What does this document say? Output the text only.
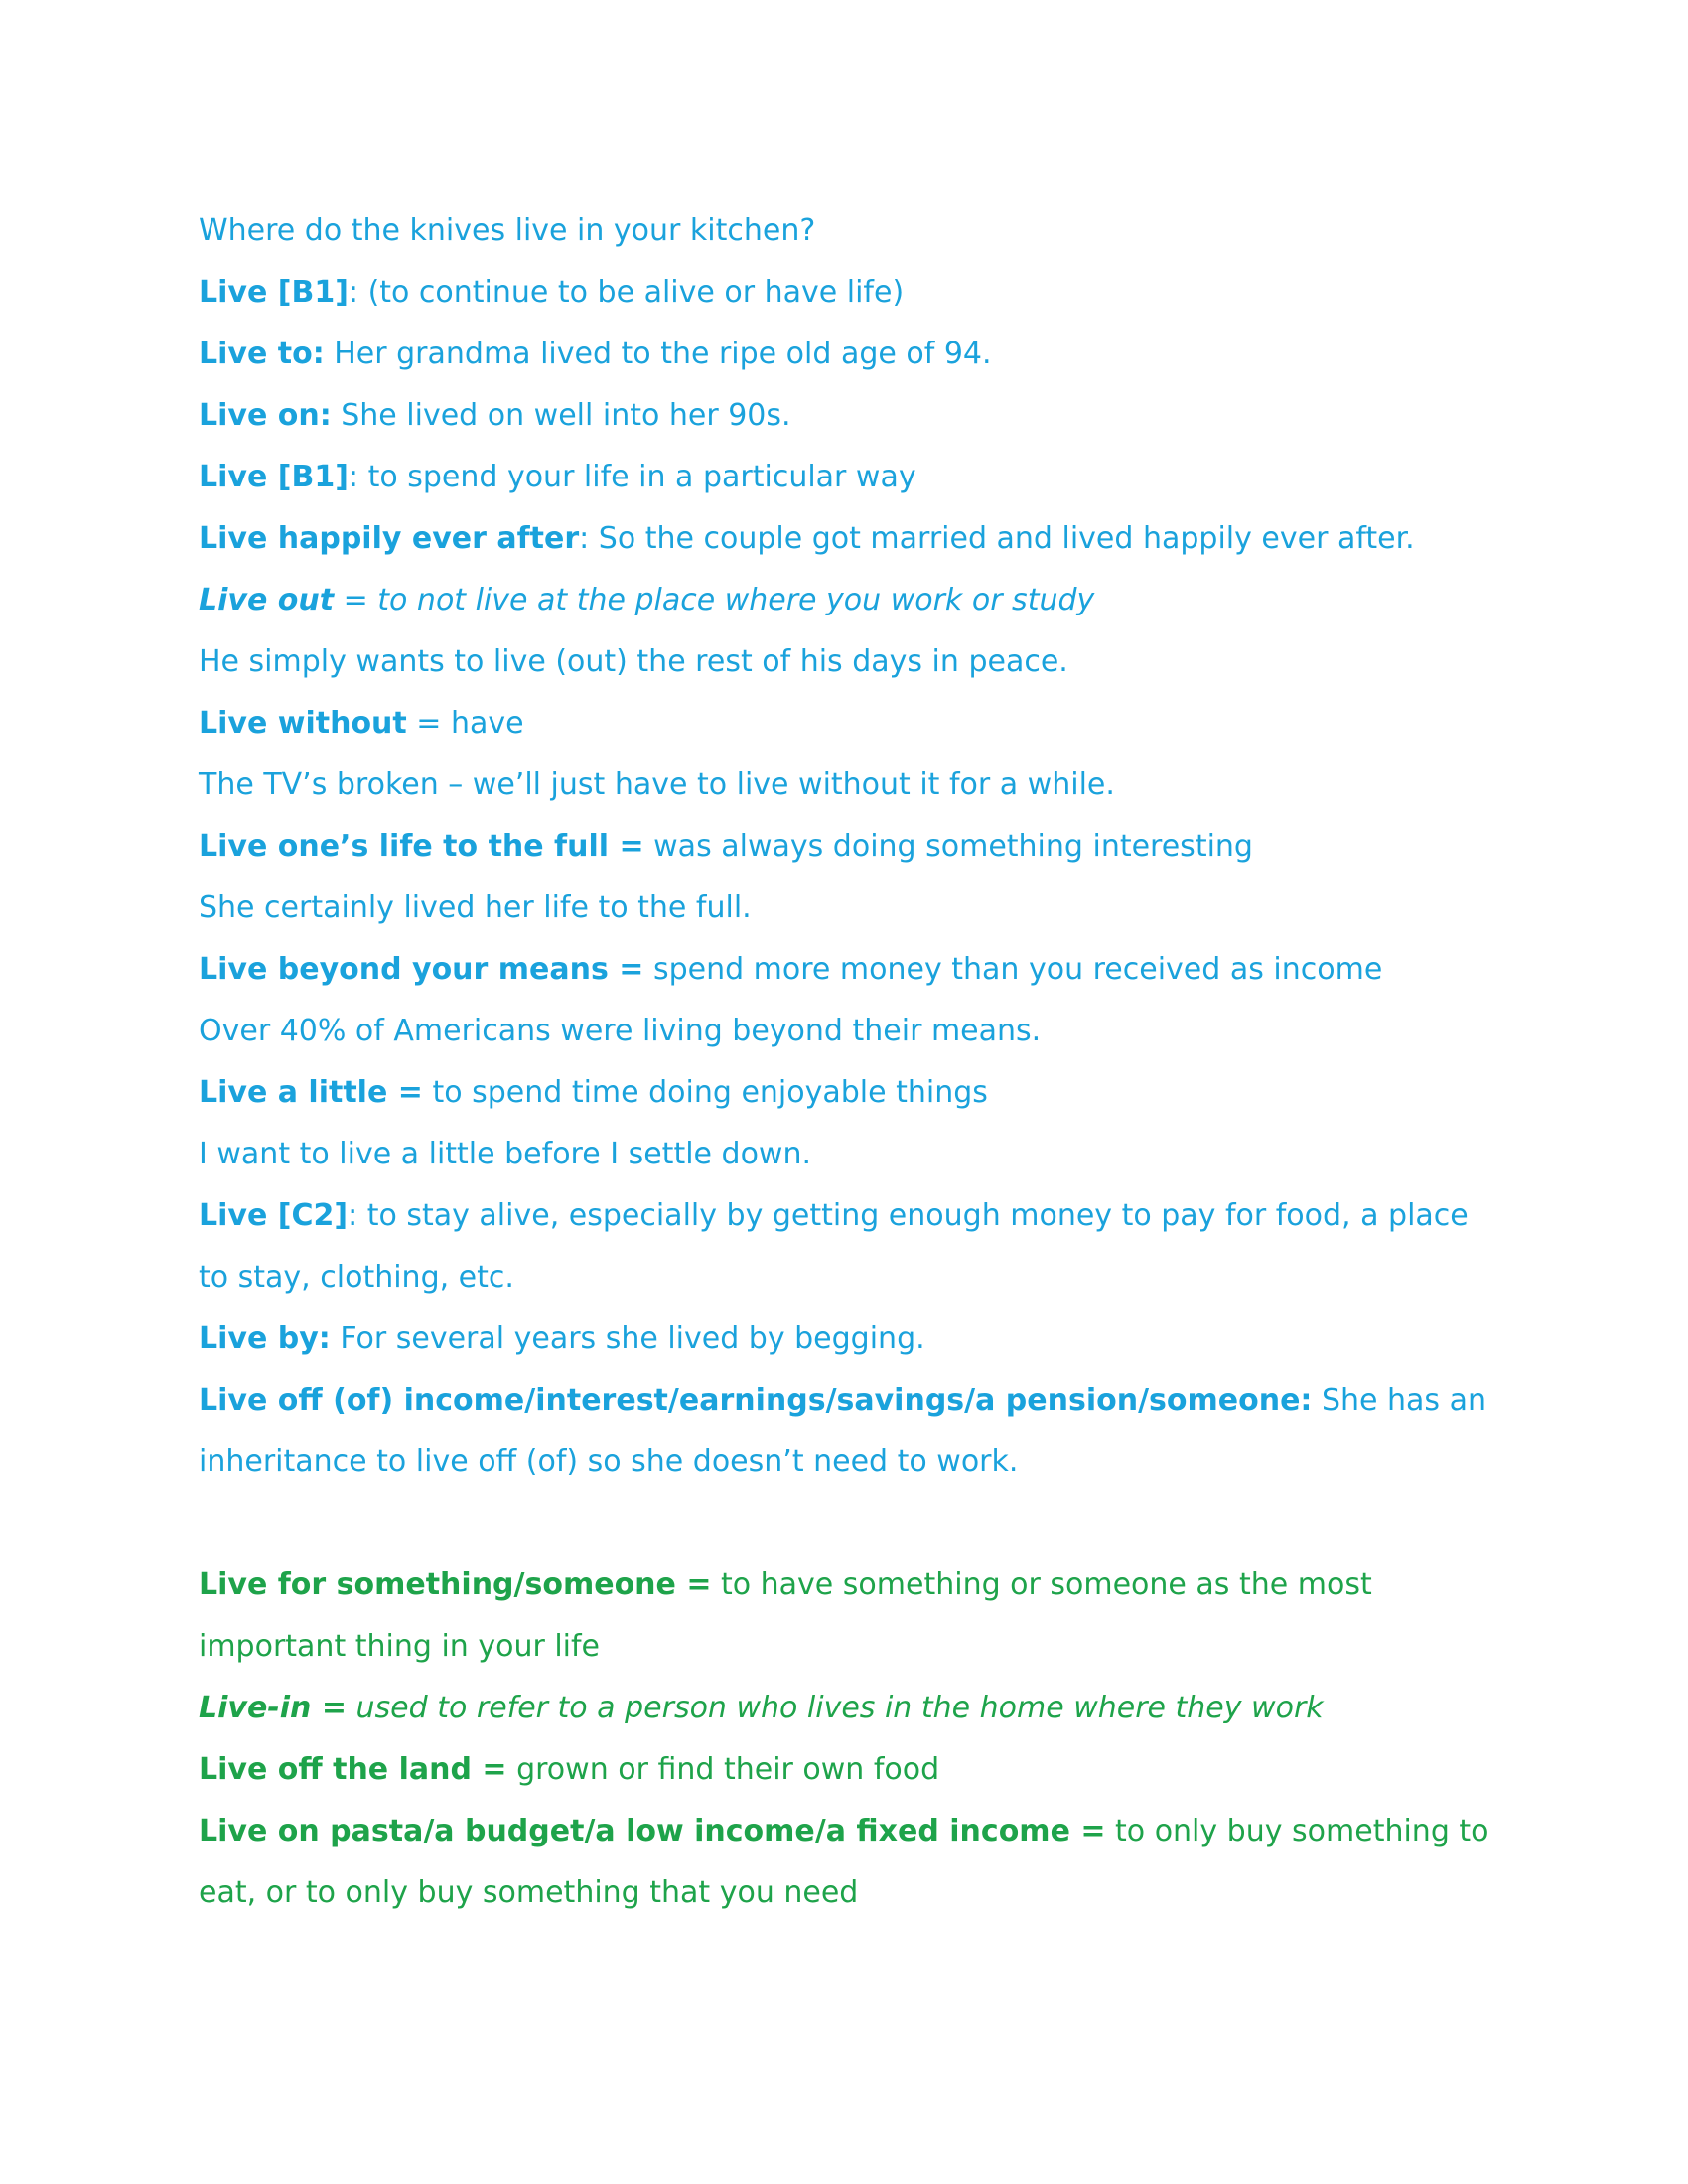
Where do the knives live in your kitchen?
Live [B1]: (to continue to be alive or have life)
Live to: Her grandma lived to the ripe old age of 94.
Live on: She lived on well into her 90s.
Live [B1]: to spend your life in a particular way
Live happily ever after: So the couple got married and lived happily ever after.
Live out = to not live at the place where you work or study
He simply wants to live (out) the rest of his days in peace.
Live without = have
The TV’s broken – we’ll just have to live without it for a while.
Live one’s life to the full = was always doing something interesting
She certainly lived her life to the full.
Live beyond your means = spend more money than you received as income
Over 40% of Americans were living beyond their means.
Live a little = to spend time doing enjoyable things
I want to live a little before I settle down.
Live [C2]: to stay alive, especially by getting enough money to pay for food, a place
to stay, clothing, etc.
Live by: For several years she lived by begging.
Live off (of) income/interest/earnings/savings/a pension/someone: She has an
inheritance to live off (of) so she doesn’t need to work.
Live for something/someone = to have something or someone as the most
important thing in your life
Live-in = used to refer to a person who lives in the home where they work
Live off the land = grown or find their own food
Live on pasta/a budget/a low income/a fixed income = to only buy something to
eat, or to only buy something that you need
